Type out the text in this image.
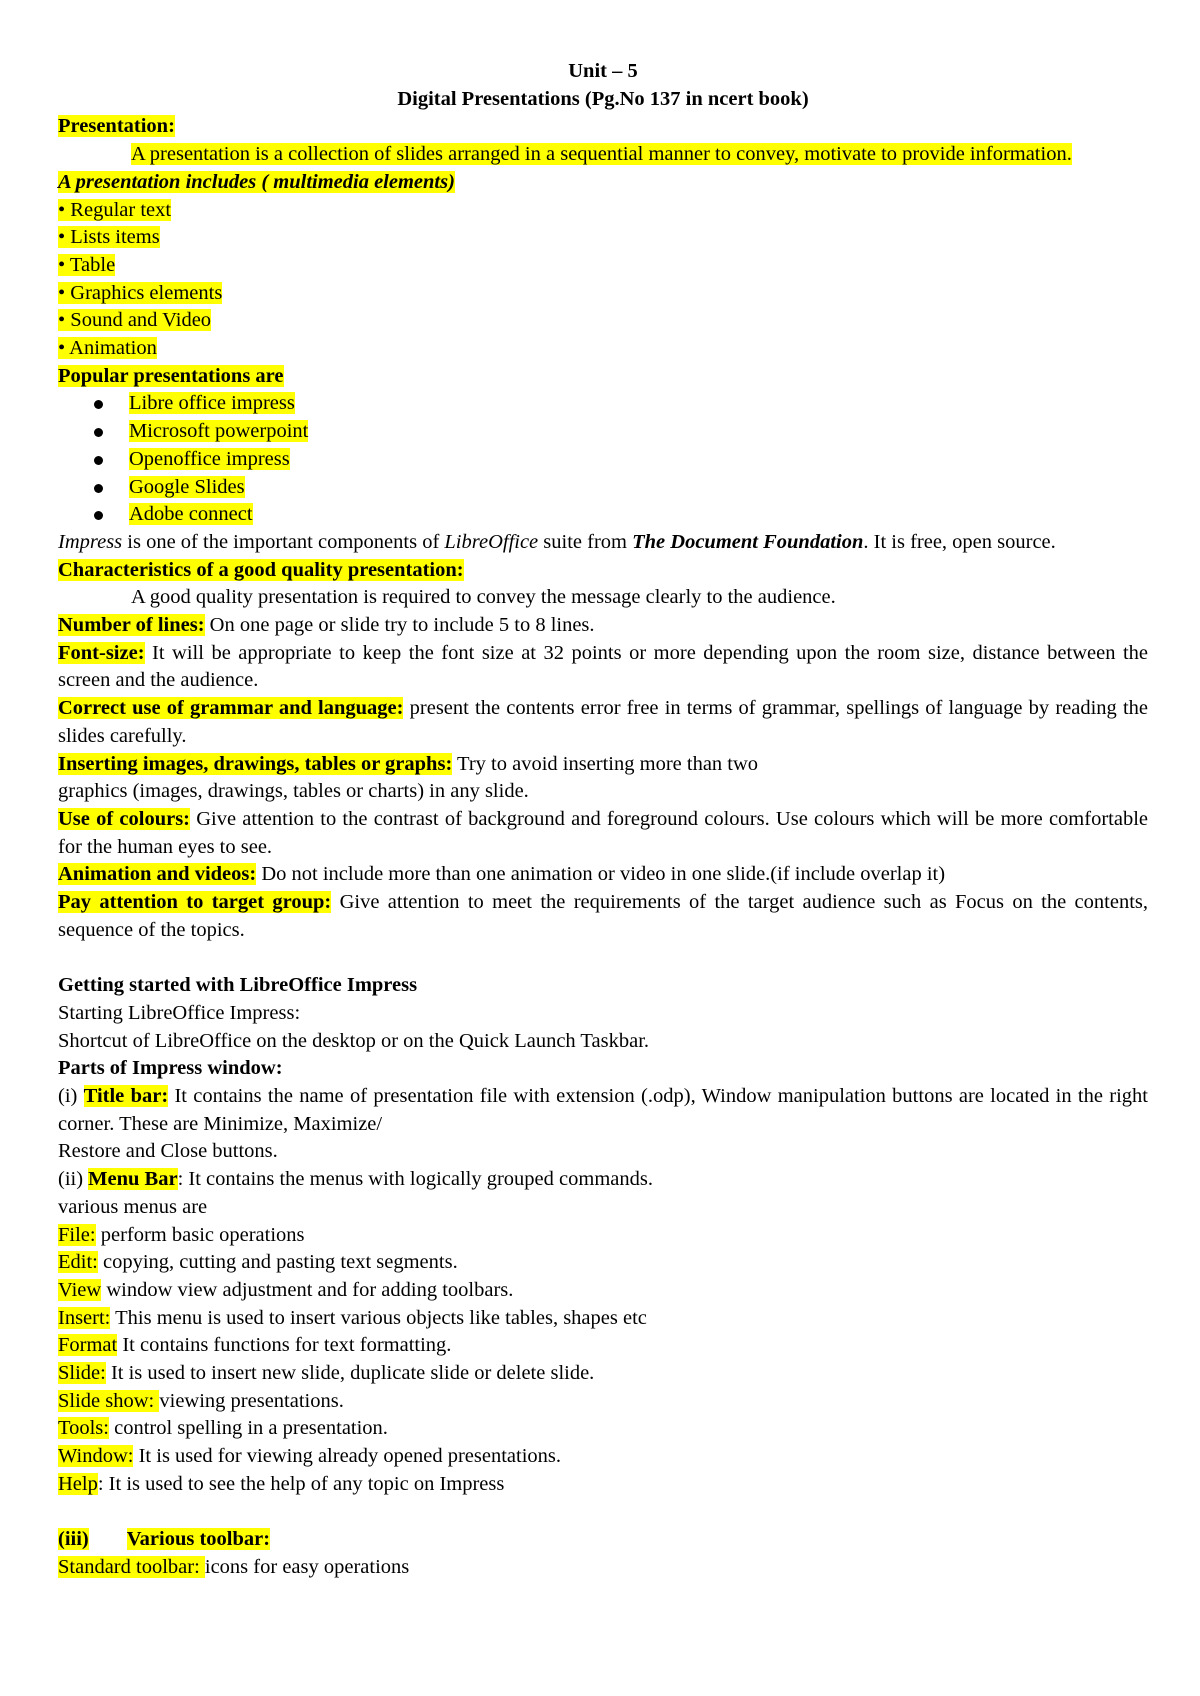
Unit – 5
Digital Presentations (Pg.No 137 in ncert book)
Presentation:
A presentation is a collection of slides arranged in a sequential manner to convey, motivate to provide information.
A presentation includes ( multimedia elements)
• Regular text
• Lists items
• Table
• Graphics elements
• Sound and Video
• Animation
Popular presentations are
Libre office impress
Microsoft powerpoint
Openoffice impress
Google Slides
Adobe connect
Impress is one of the important components of LibreOffice suite from The Document Foundation. It is free, open source.
Characteristics of a good quality presentation:
A good quality presentation is required to convey the message clearly to the audience.
Number of lines: On one page or slide try to include 5 to 8 lines.
Font-size: It will be appropriate to keep the font size at 32 points or more depending upon the room size, distance between the screen and the audience.
Correct use of grammar and language: present the contents error free in terms of grammar, spellings of language by reading the slides carefully.
Inserting images, drawings, tables or graphs: Try to avoid inserting more than two
graphics (images, drawings, tables or charts) in any slide.
Use of colours: Give attention to the contrast of background and foreground colours. Use colours which will be more comfortable for the human eyes to see.
Animation and videos: Do not include more than one animation or video in one slide.(if include overlap it)
Pay attention to target group: Give attention to meet the requirements of the target audience such as Focus on the contents, sequence of the topics.
Getting started with LibreOffice Impress
Starting LibreOffice Impress:
Shortcut of LibreOffice on the desktop or on the Quick Launch Taskbar.
Parts of Impress window:
(i) Title bar: It contains the name of presentation file with extension (.odp), Window manipulation buttons are located in the right corner. These are Minimize, Maximize/
Restore and Close buttons.
(ii) Menu Bar: It contains the menus with logically grouped commands.
various menus are
File: perform basic operations
Edit: copying, cutting and pasting text segments.
View window view adjustment and for adding toolbars.
Insert: This menu is used to insert various objects like tables, shapes etc
Format It contains functions for text formatting.
Slide: It is used to insert new slide, duplicate slide or delete slide.
Slide show: viewing presentations.
Tools: control spelling in a presentation.
Window: It is used for viewing already opened presentations.
Help: It is used to see the help of any topic on Impress
(iii) Various toolbar:
Standard toolbar: icons for easy operations
